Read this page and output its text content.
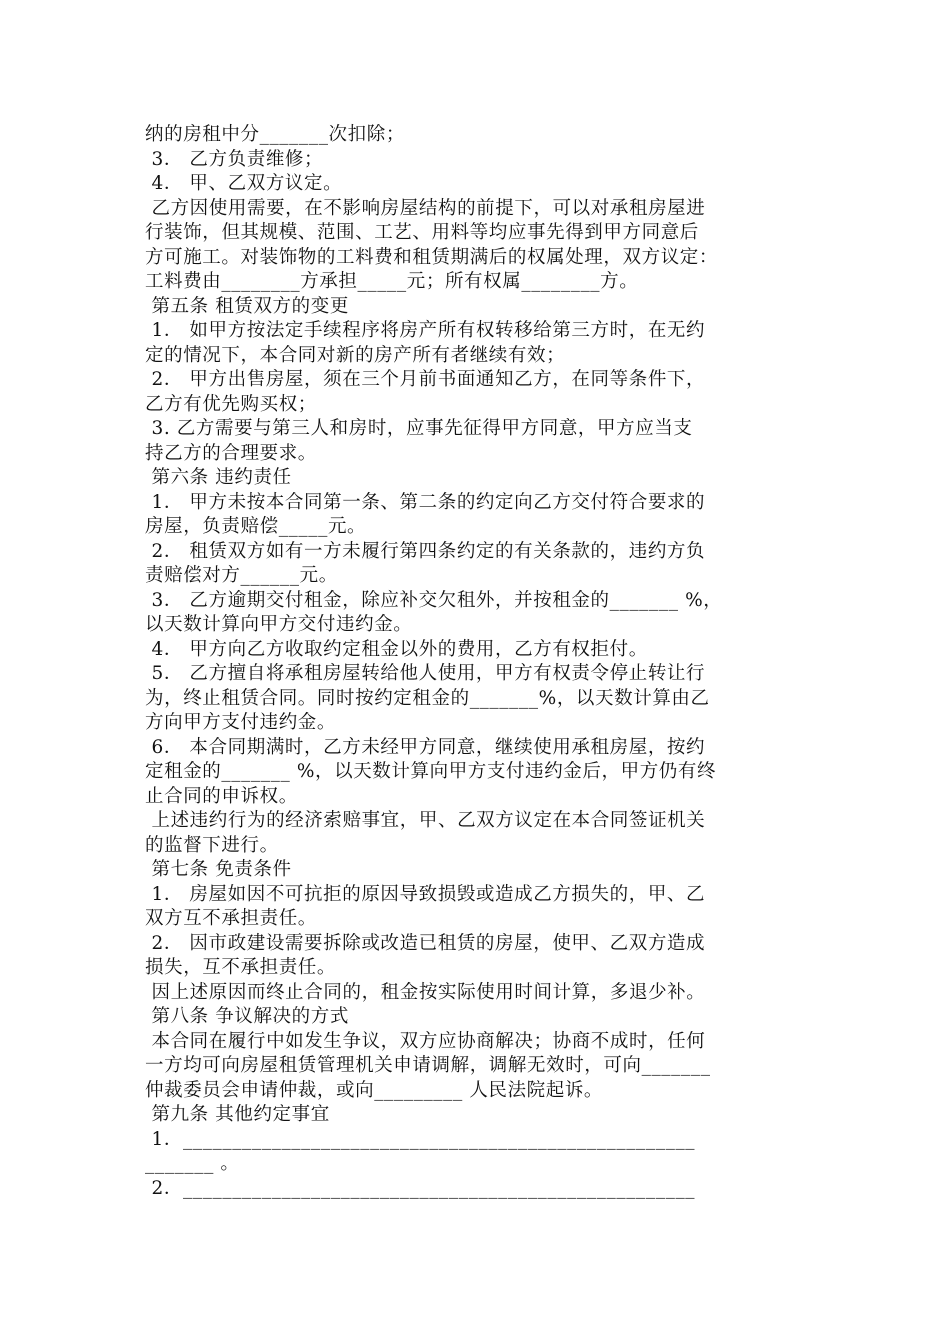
纳的房租中分_______次扣除；
3． 乙方负责维修；
4． 甲、乙双方议定。
乙方因使用需要，在不影响房屋结构的前提下，可以对承租房屋进
行装饰，但其规模、范围、工艺、用料等均应事先得到甲方同意后
方可施工。对装饰物的工料费和租赁期满后的权属处理，双方议定：
工料费由________方承担_____元；所有权属________方。
第五条 租赁双方的变更
1． 如甲方按法定手续程序将房产所有权转移给第三方时，在无约
定的情况下，本合同对新的房产所有者继续有效；
2． 甲方出售房屋，须在三个月前书面通知乙方，在同等条件下，
乙方有优先购买权；
3. 乙方需要与第三人和房时，应事先征得甲方同意，甲方应当支
持乙方的合理要求。
第六条 违约责任
1． 甲方未按本合同第一条、第二条的约定向乙方交付符合要求的
房屋，负责赔偿_____元。
2． 租赁双方如有一方未履行第四条约定的有关条款的，违约方负
责赔偿对方______元。
3． 乙方逾期交付租金，除应补交欠租外，并按租金的_______ %，
以天数计算向甲方交付违约金。
4． 甲方向乙方收取约定租金以外的费用，乙方有权拒付。
5． 乙方擅自将承租房屋转给他人使用，甲方有权责令停止转让行
为，终止租赁合同。同时按约定租金的_______%，以天数计算由乙
方向甲方支付违约金。
6． 本合同期满时，乙方未经甲方同意，继续使用承租房屋，按约
定租金的_______ %，以天数计算向甲方支付违约金后，甲方仍有终
止合同的申诉权。
上述违约行为的经济索赔事宜，甲、乙双方议定在本合同签证机关
的监督下进行。
第七条 免责条件
1． 房屋如因不可抗拒的原因导致损毁或造成乙方损失的，甲、乙
双方互不承担责任。
2． 因市政建设需要拆除或改造已租赁的房屋，使甲、乙双方造成
损失，互不承担责任。
因上述原因而终止合同的，租金按实际使用时间计算，多退少补。
第八条 争议解决的方式
本合同在履行中如发生争议，双方应协商解决；协商不成时，任何
一方均可向房屋租赁管理机关申请调解，调解无效时，可向_______
仲裁委员会申请仲裁，或向_________ 人民法院起诉。
第九条 其他约定事宜
1．____________________________________________________
_______ 。
2．____________________________________________________
